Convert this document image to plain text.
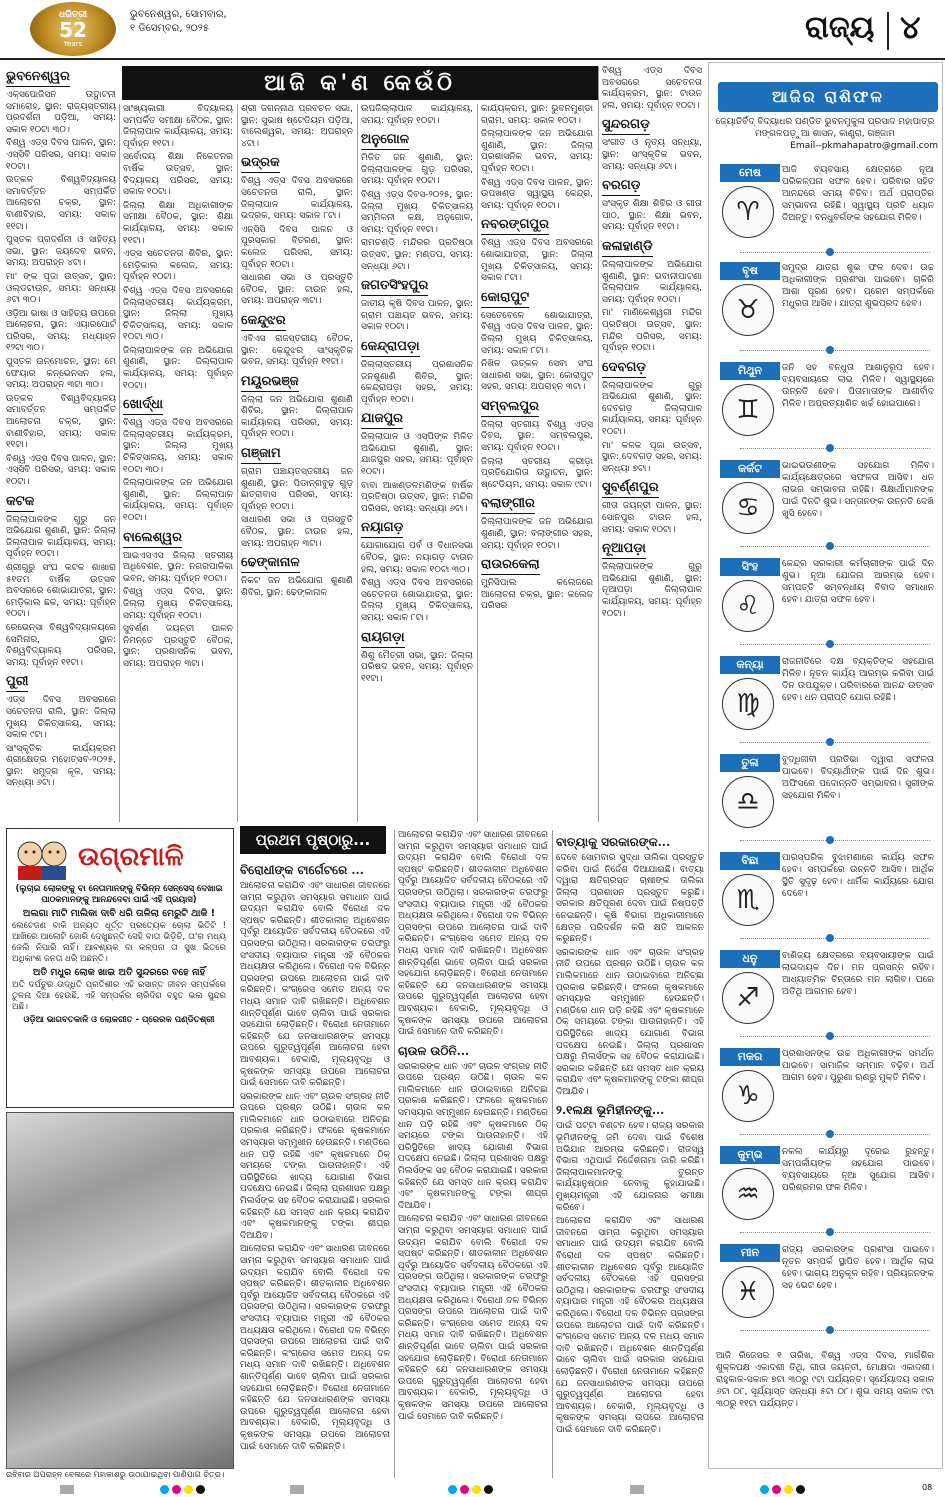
ଧରିତ୍ରୀ
52
Years
ଭୁବନେଶ୍ୱର, ସୋମବାର,
୧ ଡିସେମ୍ବର, ୨୦୨୫	ରାଜ୍ୟ ୪
ଆଜି କ'ଣ କେଉଁଠି
ଭୁବନେଶ୍ୱର

ଏକ୍ସପୋଜିସନ ଉଦ୍ଘାଟନୀ ସମାରୋହ, ସ୍ଥାନ: ରାଜ୍ୟସ୍ତରୀୟ ପ୍ରଦର୍ଶନୀ ପଡ଼ିଆ, ସମୟ: ସକାଳ ୧୦ଟା ୩୦।

ବିଶ୍ୱ ଏଡ୍ସ ଦିବସ ପାଳନ, ସ୍ଥାନ: ଏସ୍‌ସିବି ପରିସର, ସମୟ: ସକାଳ ୧୦ଟା।

ଉତ୍କଳ ବିଶ୍ୱବିଦ୍ୟାଳୟ ସମାବର୍ତ୍ତନ ସମ୍ପର୍କିତ ଆଲୋଚନା ଚକ୍ର, ସ୍ଥାନ: ବାଣୀବିହାର, ସମୟ: ସକାଳ ୧୧ଟା।

ପୁସ୍ତକ ପ୍ରଦର୍ଶନୀ ଓ ସାହିତ୍ୟ ସଭା, ସ୍ଥାନ: ଜୟଦେବ ଭବନ, ସମୟ: ଅପରାହ୍ନ ୪ଟା।

ମା' ଙ୍କ ପୂଜା ଉତ୍ସବ, ସ୍ଥାନ: ଓଲ୍ଡଟାଉନ, ସମୟ: ସନ୍ଧ୍ୟା ୬ଟା ୩୦।

ଓଡ଼ିଆ ଭାଷା ଓ ସାହିତ୍ୟ ଉପରେ ଆଲୋଚନା, ସ୍ଥାନ: ଏୟାରପୋର୍ଟ ପରିସର, ସମୟ: ମଧ୍ୟାହ୍ନ ୧୨ଟା ୩୦।

ପୁସ୍ତକ ଉନ୍ମୋଚନ, ସ୍ଥାନ: ମେ ଫେୟାର କନ୍‌ଭେନସନ ହଲ, ସମୟ: ଅପରାହ୍ନ ୩ଟା ୩୦।

ଉତ୍କଳ ବିଶ୍ୱବିଦ୍ୟାଳୟ ସମାବର୍ତ୍ତନ ସମ୍ପର୍କିତ ଆଲୋଚନା ଚକ୍ର, ସ୍ଥାନ: ବାଣୀବିହାର, ସମୟ: ସକାଳ ୧୧ଟା।

ବିଶ୍ୱ ଏଡ୍ସ ଦିବସ ପାଳନ, ସ୍ଥାନ: ଏସ୍‌ସିବି ପରିସର, ସମୟ: ସକାଳ ୧୦ଟା।

କଟକ

ଜିଲ୍ଲାପାଳଙ୍କ ଗୁରୁ ଜନ ଅଭିଯୋଗ ଶୁଣାଣି, ସ୍ଥାନ: ଜିଲ୍ଲା ଜିଲ୍ଲାପାଳ କାର୍ଯ୍ୟାଳୟ, ସମୟ: ପୂର୍ବାହ୍ନ ୧୦ଟା।

ଶ୍ରୀଗୁରୁ ସଂଘ କଟକ ଶାଖାର ୫୧ତମ ବାର୍ଷିକ ଉତ୍ସବ ଅବସରରେ ଶୋଭାଯାତ୍ରା, ସ୍ଥାନ: ମେଡ଼ିକାଲ ଛକ, ସମୟ: ପୂର୍ବାହ୍ନ ୧୦ଟା।

ରେଭେନ୍ସା ବିଶ୍ୱବିଦ୍ୟାଳୟରେ ସେମିନାର, ସ୍ଥାନ: ବିଶ୍ୱବିଦ୍ୟାଳୟ ପରିସର, ସମୟ: ପୂର୍ବାହ୍ନ ୧୧ଟା।

ପୁରୀ

ଏଡ୍ସ ଦିବସ ଅବସରରେ ସଚେତନତା ରାଲି, ସ୍ଥାନ: ଜିଲ୍ଲା ମୁଖ୍ୟ ଚିକିତ୍ସାଳୟ, ସମୟ: ସକାଳ ୯ଟା।

ସାଂସ୍କୃତିକ କାର୍ଯ୍ୟକ୍ରମ ଶ୍ରୀକ୍ଷେତ୍ର ମହୋତ୍ସବ-୨୦୨୫, ସ୍ଥାନ: ସମୁଦ୍ର କୂଳ, ସମୟ: ସନ୍ଧ୍ୟା ୬ଟା।

ସାଂଖ୍ୟକାରୀ ବିଦ୍ୟାଳୟ ସମ୍ପର୍କିତ ସମୀକ୍ଷା ବୈଠକ, ସ୍ଥାନ: ଜିଲ୍ଲାପାଳ କାର୍ଯ୍ୟାଳୟ, ସମୟ: ପୂର୍ବାହ୍ନ ୧୧ଟା।

ସର୍ବୋଦୟ ଶିକ୍ଷା ନିକେତନର ବାର୍ଷିକ ଉତ୍ସବ, ସ୍ଥାନ: ବିଦ୍ୟାଳୟ ପରିସର, ସମୟ: ସକାଳ ୧୦ଟା।

ଜିଲ୍ଲା ଶିକ୍ଷା ଅଧିକାରୀଙ୍କ ସମୀକ୍ଷା ବୈଠକ, ସ୍ଥାନ: ଶିକ୍ଷା କାର୍ଯ୍ୟାଳୟ, ସମୟ: ସକାଳ ୧୧ଟା।

ଏଡ୍ସ ସଚେତନତା ଶିବିର, ସ୍ଥାନ: ମେଡ଼ିକାଲ କଲେଜ, ସମୟ: ପୂର୍ବାହ୍ନ ୧୦ଟା।

ବିଶ୍ୱ ଏଡ୍ସ ଦିବସ ଅବସରରେ ଜିଲ୍ଲାସ୍ତରୀୟ କାର୍ଯ୍ୟକ୍ରମ, ସ୍ଥାନ: ଜିଲ୍ଲା ମୁଖ୍ୟ ଚିକିତ୍ସାଳୟ, ସମୟ: ସକାଳ ୧୦ଟା ୩୦।

ଜିଲ୍ଲାପାଳଙ୍କ ଜନ ଅଭିଯୋଗ ଶୁଣାଣି, ସ୍ଥାନ: ଜିଲ୍ଲାପାଳ କାର୍ଯ୍ୟାଳୟ, ସମୟ: ପୂର୍ବାହ୍ନ ୧୦ଟା।

ଖୋର୍ଦ୍ଧା

ବିଶ୍ୱ ଏଡ୍ସ ଦିବସ ଅବସରରେ ଜିଲ୍ଲାସ୍ତରୀୟ କାର୍ଯ୍ୟକ୍ରମ, ସ୍ଥାନ: ଜିଲ୍ଲା ମୁଖ୍ୟ ଚିକିତ୍ସାଳୟ, ସମୟ: ସକାଳ ୧୦ଟା ୩୦।

ଜିଲ୍ଲାପାଳଙ୍କ ଜନ ଅଭିଯୋଗ ଶୁଣାଣି, ସ୍ଥାନ: ଜିଲ୍ଲାପାଳ କାର୍ଯ୍ୟାଳୟ, ସମୟ: ପୂର୍ବାହ୍ନ ୧୦ଟା।

ବାଲେଶ୍ୱର

ଆଇଏସଏସ ଜିଲ୍ଲା ସ୍ତରୀୟ ଅଧିବେଶନ, ସ୍ଥାନ: ନଗରପାଳିକା ଭବନ, ସମୟ: ପୂର୍ବାହ୍ନ ୧୦ଟା।

ବିଶ୍ୱ ଏଡ୍ସ ଦିବସ, ସ୍ଥାନ: ଜିଲ୍ଲା ମୁଖ୍ୟ ଚିକିତ୍ସାଳୟ, ସମୟ: ପୂର୍ବାହ୍ନ ୧୦ଟା।

ସୁବର୍ଣ୍ଣ ଜୟନ୍ତୀ ପାଳନ ନିମନ୍ତେ ପ୍ରସ୍ତୁତି ବୈଠକ, ସ୍ଥାନ: ପ୍ରଶାସନିକ ଭବନ, ସମୟ: ଅପରାହ୍ନ ୩ଟା।

ଶ୍ରୀ ଜଗନ୍ନାଥ ପ୍ରବଚନ ସଭା, ସ୍ଥାନ: ସୁଭାଷ ଷ୍ଟେଡିୟମ ପଡ଼ିଆ, ବାଲେଶ୍ୱର, ସମୟ: ଅପରାହ୍ନ ୪ଟା।

ଭଦ୍ରକ

ବିଶ୍ୱ ଏଡ୍ସ ଦିବସ ଅବସରରେ ସଚେତନତା ରାଲି, ସ୍ଥାନ: ଜିଲ୍ଲାପାଳ କାର୍ଯ୍ୟାଳୟ, ଭଦ୍ରକ, ସମୟ: ସକାଳ ୮ଟା।

ଏନ୍‌ସିସି ଦିବସ ପାଳନ ଓ ପୁରସ୍କାର ବିତରଣ, ସ୍ଥାନ: କଲେଜ ପରିସର, ସମୟ: ପୂର୍ବାହ୍ନ ୧୦ଟା।

ସାଧାରଣ ସଭା ଓ ପ୍ରସ୍ତୁତି ବୈଠକ, ସ୍ଥାନ: ଟାଉନ ହଲ, ସମୟ: ଅପରାହ୍ନ ୩ଟା।

କେନ୍ଦୁଝର

ଏବିଏସ ରାଜସ୍ତରୀୟ ବୈଠକ, ସ୍ଥାନ: କେନ୍ଦୁଝର ସାଂସ୍କୃତିକ ଭବନ, ସମୟ: ପୂର୍ବାହ୍ନ ୧୧ଟା।

ମୟୂରଭଞ୍ଜ

ଜିଲ୍ଲା ଜନ ଅଭିଯୋଗ ଶୁଣାଣି ଶିବିର, ସ୍ଥାନ: ଜିଲ୍ଲାପାଳ କାର୍ଯ୍ୟାଳୟ ପରିସର, ସମୟ: ପୂର୍ବାହ୍ନ ୧୦ଟା।

ଗଞ୍ଜାମ

ଗ୍ରାମ ପଞ୍ଚାୟତସ୍ତରୀୟ ଜନ ଶୁଣାଣି, ସ୍ଥାନ: ପିଡାନ୍ଗବୁଢ଼ ଗୁଡ଼ ଛାତ୍ରାବାସ ପରିସର, ସମୟ: ପୂର୍ବାହ୍ନ ୧୦ଟା।

ସାଧାରଣ ସଭା ଓ ପ୍ରସ୍ତୁତି ବୈଠକ, ସ୍ଥାନ: ଟାଉନ ହଲ, ସମୟ: ଅପରାହ୍ନ ୩ଟା।

ଢେଙ୍କାନାଳ

ନିକଟ ଜନ ଅଭିଯୋଗ ଶୁଣାଣି ଶିବିର, ସ୍ଥାନ: ଢେଙ୍କାନାଳ

ଉପଜିଲ୍ଲାପାଳ କାର୍ଯ୍ୟାଳୟ, ସମୟ: ପୂର୍ବାହ୍ନ ୧୦ଟା।

ଅନୁଗୋଳ

ମିଳିତ ଜନ ଶୁଣାଣି, ସ୍ଥାନ: ଜିଲ୍ଲାପାଳଙ୍କ ଗୁଡ଼ ପରିସର, ସମୟ: ପୂର୍ବାହ୍ନ ୧୦ଟା।

ବିଶ୍ୱ ଏଡ୍ସ ଦିବସ-୨୦୨୫, ସ୍ଥାନ: ଜିଲ୍ଲା ମୁଖ୍ୟ ଚିକିତ୍ସାଳୟ ସମ୍ମିଳନୀ କକ୍ଷ, ଅନୁଗୋଳ, ସମୟ: ପୂର୍ବାହ୍ନ ୧୧ଟା।

ରାମଚଣ୍ଡି ମନ୍ଦିରର ପ୍ରତିଷ୍ଠା ଉତ୍ସବ, ସ୍ଥାନ: ମଣ୍ଡପ, ସମୟ: ସନ୍ଧ୍ୟା ୬ଟା।

ଜଗତସିଂହପୁର

ଜାତୀୟ କୃଷି ଦିବସ ପାଳନ, ସ୍ଥାନ: ଗ୍ରାମ ପଞ୍ଚାୟତ ଭବନ, ସମୟ: ସକାଳ ୧୦ଟା।

କେନ୍ଦ୍ରାପଡ଼ା

ଜିଲ୍ଲାସ୍ତରୀୟ ପ୍ରଶାସନିକ ଜନଶୁଣାଣି ଶିବିର, ସ୍ଥାନ: କେନ୍ଦ୍ରାପଡ଼ା ସହର, ସମୟ: ପୂର୍ବାହ୍ନ ୧୦ଟା।

ଯାଜପୁର

ଜିଲ୍ଲାପାଳ ଓ ଏସ୍‌ପିଙ୍କ ମିଳିତ ଅଭିଯୋଗ ଶୁଣାଣି, ସ୍ଥାନ: ଯାଜପୁର ସହର, ସମୟ: ପୂର୍ବାହ୍ନ ୧୦ଟା।

ବାବା ଆଖଣ୍ଡଳମଣିଙ୍କ ବାର୍ଷିକ ପ୍ରତିଷ୍ଠା ଉତ୍ସବ, ସ୍ଥାନ: ମନ୍ଦିର ପରିସର, ସମୟ: ସନ୍ଧ୍ୟା ୬ଟା।

ନୟାଗଡ଼

ଯୋଗାଯୋଗ ପର୍ବ ଓ ବିଧାନସଭା ବୈଠକ, ସ୍ଥାନ: ନୟାଗଡ଼ ଟାଉନ ହଲ, ସମୟ: ସକାଳ ୧୦ଟା ୩୦।

ବିଶ୍ୱ ଏଡ୍ସ ଦିବସ ଅବସରରେ ସଚେତନତା ଶୋଭାଯାତ୍ରା, ସ୍ଥାନ: ଜିଲ୍ଲା ମୁଖ୍ୟ ଚିକିତ୍ସାଳୟ, ସମୟ: ସକାଳ ୮ଟା।

ରାୟଗଡ଼ା

ଶିଶୁ ମୈତ୍ରୀ ସଭା, ସ୍ଥାନ: ଜିଲ୍ଲା ପରିଷଦ ଭବନ, ସମୟ: ପୂର୍ବାହ୍ନ ୧୧ଟା।

କାର୍ଯ୍ୟକ୍ରମ, ସ୍ଥାନ: ଭୁବନମୁଣ୍ଡା ଗ୍ରାମ, ସମୟ: ସକାଳ ୧୦ଟା।

ଜିଲ୍ଲାପାଳଙ୍କ ଜନ ଅଭିଯୋଗ ଶୁଣାଣି, ସ୍ଥାନ: ଜିଲ୍ଲା ପ୍ରଶାସନିକ ଭବନ, ସମୟ: ପୂର୍ବାହ୍ନ ୧୦ଟା।

ବିଶ୍ୱ ଏଡ୍ସ ଦିବସ ପାଳନ, ସ୍ଥାନ: ଉପଖଣ୍ଡ ସ୍ୱାସ୍ଥ୍ୟ କେନ୍ଦ୍ର, ସମୟ: ପୂର୍ବାହ୍ନ ୧୦ଟା।

ନବରଙ୍ଗପୁର

ବିଶ୍ୱ ଏଡ୍ସ ଦିବସ ଅବସରରେ ଶୋଭାଯାତ୍ରା, ସ୍ଥାନ: ଜିଲ୍ଲା ମୁଖ୍ୟ ଚିକିତ୍ସାଳୟ, ସମୟ: ସକାଳ ୮ଟା।

କୋରାପୁଟ

ସେତେବେଳେ ଶୋଭାଯାତ୍ରା, ବିଶ୍ୱ ଏଡ୍ସ ଦିବସ ପାଳନ, ସ୍ଥାନ: ଜିଲ୍ଲା ମୁଖ୍ୟ ଚିକିତ୍ସାଳୟ, ସମୟ: ସକାଳ ୮ଟା।

ନିଖିଳ ଉତ୍କଳ ସେବା ସଂଘ ସାଧାରଣ ସଭା, ସ୍ଥାନ: କୋରାପୁଟ ସହର, ସମୟ: ଅପରାହ୍ନ ୩ଟା।

ସମ୍ବଲପୁର

ଜିଲ୍ଲା ସ୍ତରୀୟ ବିଶ୍ୱ ଏଡ୍ସ ଦିବସ, ସ୍ଥାନ: ସମ୍ବଲପୁର, ସମୟ: ପୂର୍ବାହ୍ନ ୧୦ଟା।

ଜିଲ୍ଲା ସ୍ତରୀୟ କ୍ରୀଡ଼ା ପ୍ରତିଯୋଗିତା ଉଦ୍ଘାଟନ, ସ୍ଥାନ: ଷ୍ଟେଡିୟମ, ସମୟ: ସକାଳ ୯ଟା।

ବଲାଙ୍ଗୀର

ଜିଲ୍ଲାପାଳଙ୍କ ଜନ ଅଭିଯୋଗ ଶୁଣାଣି, ସ୍ଥାନ: ବଲାଙ୍ଗୀର ସହର, ସମୟ: ପୂର୍ବାହ୍ନ ୧୦ଟା।

ରାଉରକେଲା

ମୁନିସିପାଲ କଲେଜରେ ଆଲୋଚନା ଚକ୍ର, ସ୍ଥାନ: କଲେଜ ପରିସର

ବିଶ୍ୱ ଏଡ୍ସ ଦିବସ ଅବସରରେ ସଚେତନତା କାର୍ଯ୍ୟକ୍ରମ, ସ୍ଥାନ: ଟାଉନ ହଲ, ସମୟ: ପୂର୍ବାହ୍ନ ୧୦ଟା।

ସୁନ୍ଦରଗଡ଼

ସଂଗୀତ ଓ ନୃତ୍ୟ ସନ୍ଧ୍ୟା, ସ୍ଥାନ: ସାଂସ୍କୃତିକ ଭବନ, ସମୟ: ସନ୍ଧ୍ୟା ୬ଟା।

ବରଗଡ଼

ସଂସ୍କୃତ ଶିକ୍ଷା ଶିବିର ଓ ଗୀତା ପାଠ, ସ୍ଥାନ: ଶିକ୍ଷା ଭବନ, ସମୟ: ପୂର୍ବାହ୍ନ ୧୧ଟା।

କଳାହାଣ୍ଡି

ଜିଲ୍ଲାପାଳଙ୍କ ଅଭିଯୋଗ ଶୁଣାଣି, ସ୍ଥାନ: ଭବାନୀପାଟଣା ଜିଲ୍ଲାପାଳ କାର୍ଯ୍ୟାଳୟ, ସମୟ: ପୂର୍ବାହ୍ନ ୧୦ଟା।

ମା' ମାଣିକେଶ୍ୱରୀ ମନ୍ଦିର ପ୍ରତିଷ୍ଠା ଉତ୍ସବ, ସ୍ଥାନ: ମନ୍ଦିର ପରିସର, ସମୟ: ପୂର୍ବାହ୍ନ ୧୦ଟା।

ଦେବଗଡ଼

ଜିଲ୍ଲାପାଳଙ୍କ ଗୁରୁ ଅଭିଯୋଗ ଶୁଣାଣି, ସ୍ଥାନ: ଦେବଗଡ଼ ଜିଲ୍ଲାପାଳ କାର୍ଯ୍ୟାଳୟ, ସମୟ: ପୂର୍ବାହ୍ନ ୧୦ଟା।

ମା' କଳକ ପୂଜା ଉତ୍ସବ, ସ୍ଥାନ: ଦେବଗଡ଼ ସହର, ସମୟ: ସନ୍ଧ୍ୟା ୭ଟା।

ସୁବର୍ଣ୍ଣପୁର

ଗୀତା ଜୟନ୍ତୀ ପାଳନ, ସ୍ଥାନ: ସୋନପୁର ଟାଉନ ହଲ, ସମୟ: ସକାଳ ୧୦ଟା।

ନୂଆପଡ଼ା

ଜିଲ୍ଲାପାଳଙ୍କ ଗୁରୁ ଅଭିଯୋଗ ଶୁଣାଣି, ସ୍ଥାନ: ନୂଆପଡ଼ା ଜିଲ୍ଲାପାଳ କାର୍ଯ୍ୟାଳୟ, ସମୟ: ପୂର୍ବାହ୍ନ ୧୦ଟା।

ଉଗ୍ରମାଳି

(ଲୁଚାଇ ଲୋକଙ୍କୁ ବା ନେତାମାନଙ୍କୁ ବିଭିନ୍ନ ସେନ୍ସେସ୍ ଦେଖାଇ ପାଠକମାନଙ୍କୁ ଆନନ୍ଦଦେବା ପାଇଁ ଏହି ପ୍ରୟାସ)

ଅଲଗା ମାଟି ମାଲିକା ଦାବି ଧରି ତାଳିଲା ମେରୁଟି ଥାକି !

ଲେଟେଜଣ ବାକି ଅନ୍ୟତ ଧୂର୍ତ୍ତ ପ୍ରତ୍ୟେକ ଚୋଲା ଭିତିଟି ! ଆଖିରେ ଆଲୋଟି ଜୋରି ଦେଖୁଛନ୍ତି ସେହି ବାତା ଭିଡ଼ିଚି, ତା'ର ମଧ୍ୟ ଜେଲି ନିପାରି ନାହିଁ। ଆବଶ୍ୟକ ଦା କଳ୍ପନା ତା ସୁଖ ଭିତରେ ଅଧିକାଂଶ ଜନତା ଧରି ଅଛନ୍ତି।

ଅତି ମଧୁର ଲୋକ ଖାଇ ଅତି ସୁନ୍ଦରରେ ବହେ ନାହିଁ

ଅତି ଦର୍ପଚୁର ଉଦ୍ଧିତି ପ୍ରତିଶୀର ଏହି ରସାନ୍ତ ଜୀବନ ସମ୍ପର୍କରେ ତୁଳନା ଦିଆ ହେଉଛି, ଏହି ସମ୍ପର୍କର ଚାରିଦିଗ ବହୁତ ଭଲ ସୁନ୍ଦର ଅଛି।

ଓଡ଼ିଆ ଭାଗବତକାଳି ଓ ଲୋକଗୀତ - ପ୍ରେରକ ପଣ୍ଡିତଶ୍ରୀ

ରବିବାର ଅପରାହ୍ନ ବେଳାରେ ମହାକାଶରୁ ଉଠାଯାଇଥିବା ପାଣିପାଗ ଚିତ୍ର।
ପ୍ରଥମ ପୃଷ୍ଠାରୁ...
ବିରୋଧୀଙ୍କ ଟାର୍ଗେଟରେ ...

ଆଲୋଚନା କରାଯିବ ଏବଂ ସାଧାରଣ ଜୀବନରେ ସାମ୍ନା କରୁଥିବା ସମସ୍ୟାର ସମାଧାନ ପାଇଁ ଉଦ୍ୟମ କରାଯିବ ବୋଲି ବିରୋଧୀ ଦଳ ସ୍ପଷ୍ଟ କରିଛନ୍ତି। ଶୀତକାଳୀନ ଅଧିବେଶନ ପୂର୍ବରୁ ଆୟୋଜିତ ସର୍ବଦଳୀୟ ବୈଠକରେ ଏହି ପ୍ରସଙ୍ଗ ଉଠିଥିଲା। ସରକାରଙ୍କ ତରଫରୁ ସଂସଦୀୟ ବ୍ୟାପାର ମନ୍ତ୍ରୀ ଏହି ବୈଠକର ଅଧ୍ୟକ୍ଷତା କରିଥିଲେ। ବିରୋଧୀ ଦଳ ବିଭିନ୍ନ ପ୍ରସଙ୍ଗ ଉପରେ ଆଲୋଚନା ପାଇଁ ଦାବି କରିଛନ୍ତି। କଂଗ୍ରେସ ସମେତ ଅନ୍ୟ ଦଳ ମଧ୍ୟ ସମାନ ଦାବି ରଖିଛନ୍ତି। ଅଧିବେଶନ ଶାନ୍ତିପୂର୍ଣ୍ଣ ଭାବେ ଚାଲିବା ପାଇଁ ସରକାର ସହଯୋଗ ଲୋଡ଼ିଛନ୍ତି। ବିରୋଧୀ ନେତାମାନେ କହିଛନ୍ତି ଯେ ଜନସାଧାରଣଙ୍କ ସମସ୍ୟା ଉପରେ ଗୁରୁତ୍ୱପୂର୍ଣ୍ଣ ଆଲୋଚନା ହେବା ଆବଶ୍ୟକ। ବେକାରି, ମୂଲ୍ୟବୃଦ୍ଧି ଓ କୃଷକଙ୍କ ସମସ୍ୟା ଉପରେ ଆଲୋଚନା ପାଇଁ ସେମାନେ ଦାବି କରିଛନ୍ତି।

ସରକାରଙ୍କ ଧାନ ଏବଂ ଚାଉଳ ସଂଗ୍ରହ ନୀତି ଉପରେ ପ୍ରଶ୍ନ ଉଠିଛି। ଚାଉଳ କଳ ମାଲିକମାନେ ଧାନ ଉଠାଇବାରେ ଅନିଚ୍ଛା ପ୍ରକାଶ କରିଛନ୍ତି। ଫଳରେ କୃଷକମାନେ ସମସ୍ୟାର ସମ୍ମୁଖୀନ ହେଉଛନ୍ତି। ମଣ୍ଡିରେ ଧାନ ପଡ଼ି ରହିଛି ଏବଂ କୃଷକମାନେ ଠିକ୍ ସମୟରେ ଟଙ୍କା ପାଉନାହାନ୍ତି। ଏହି ପରିସ୍ଥିତିରେ ଖାଦ୍ୟ ଯୋଗାଣ ବିଭାଗ ପଦକ୍ଷେପ ନେଇଛି। ଜିଲ୍ଲା ପ୍ରଶାସନ ପକ୍ଷରୁ ମିଲର୍ସଙ୍କ ସହ ବୈଠକ କରାଯାଇଛି। ସରକାର କହିଛନ୍ତି ଯେ ସମସ୍ତ ଧାନ କ୍ରୟ କରାଯିବ ଏବଂ କୃଷକମାନଙ୍କୁ ଟଙ୍କା ଶୀଘ୍ର ଦିଆଯିବ।

ଆଲୋଚନା କରାଯିବ ଏବଂ ସାଧାରଣ ଜୀବନରେ ସାମ୍ନା କରୁଥିବା ସମସ୍ୟାର ସମାଧାନ ପାଇଁ ଉଦ୍ୟମ କରାଯିବ ବୋଲି ବିରୋଧୀ ଦଳ ସ୍ପଷ୍ଟ କରିଛନ୍ତି। ଶୀତକାଳୀନ ଅଧିବେଶନ ପୂର୍ବରୁ ଆୟୋଜିତ ସର୍ବଦଳୀୟ ବୈଠକରେ ଏହି ପ୍ରସଙ୍ଗ ଉଠିଥିଲା। ସରକାରଙ୍କ ତରଫରୁ ସଂସଦୀୟ ବ୍ୟାପାର ମନ୍ତ୍ରୀ ଏହି ବୈଠକର ଅଧ୍ୟକ୍ଷତା କରିଥିଲେ। ବିରୋଧୀ ଦଳ ବିଭିନ୍ନ ପ୍ରସଙ୍ଗ ଉପରେ ଆଲୋଚନା ପାଇଁ ଦାବି କରିଛନ୍ତି। କଂଗ୍ରେସ ସମେତ ଅନ୍ୟ ଦଳ ମଧ୍ୟ ସମାନ ଦାବି ରଖିଛନ୍ତି। ଅଧିବେଶନ ଶାନ୍ତିପୂର୍ଣ୍ଣ ଭାବେ ଚାଲିବା ପାଇଁ ସରକାର ସହଯୋଗ ଲୋଡ଼ିଛନ୍ତି। ବିରୋଧୀ ନେତାମାନେ କହିଛନ୍ତି ଯେ ଜନସାଧାରଣଙ୍କ ସମସ୍ୟା ଉପରେ ଗୁରୁତ୍ୱପୂର୍ଣ୍ଣ ଆଲୋଚନା ହେବା ଆବଶ୍ୟକ। ବେକାରି, ମୂଲ୍ୟବୃଦ୍ଧି ଓ କୃଷକଙ୍କ ସମସ୍ୟା ଉପରେ ଆଲୋଚନା ପାଇଁ ସେମାନେ ଦାବି କରିଛନ୍ତି।

ଆଲୋଚନା କରାଯିବ ଏବଂ ସାଧାରଣ ଜୀବନରେ ସାମ୍ନା କରୁଥିବା ସମସ୍ୟାର ସମାଧାନ ପାଇଁ ଉଦ୍ୟମ କରାଯିବ ବୋଲି ବିରୋଧୀ ଦଳ ସ୍ପଷ୍ଟ କରିଛନ୍ତି। ଶୀତକାଳୀନ ଅଧିବେଶନ ପୂର୍ବରୁ ଆୟୋଜିତ ସର୍ବଦଳୀୟ ବୈଠକରେ ଏହି ପ୍ରସଙ୍ଗ ଉଠିଥିଲା। ସରକାରଙ୍କ ତରଫରୁ ସଂସଦୀୟ ବ୍ୟାପାର ମନ୍ତ୍ରୀ ଏହି ବୈଠକର ଅଧ୍ୟକ୍ଷତା କରିଥିଲେ। ବିରୋଧୀ ଦଳ ବିଭିନ୍ନ ପ୍ରସଙ୍ଗ ଉପରେ ଆଲୋଚନା ପାଇଁ ଦାବି କରିଛନ୍ତି। କଂଗ୍ରେସ ସମେତ ଅନ୍ୟ ଦଳ ମଧ୍ୟ ସମାନ ଦାବି ରଖିଛନ୍ତି। ଅଧିବେଶନ ଶାନ୍ତିପୂର୍ଣ୍ଣ ଭାବେ ଚାଲିବା ପାଇଁ ସରକାର ସହଯୋଗ ଲୋଡ଼ିଛନ୍ତି। ବିରୋଧୀ ନେତାମାନେ କହିଛନ୍ତି ଯେ ଜନସାଧାରଣଙ୍କ ସମସ୍ୟା ଉପରେ ଗୁରୁତ୍ୱପୂର୍ଣ୍ଣ ଆଲୋଚନା ହେବା ଆବଶ୍ୟକ। ବେକାରି, ମୂଲ୍ୟବୃଦ୍ଧି ଓ କୃଷକଙ୍କ ସମସ୍ୟା ଉପରେ ଆଲୋଚନା ପାଇଁ ସେମାନେ ଦାବି କରିଛନ୍ତି।

ଚାଉଳ ଉଠିନି...

ସରକାରଙ୍କ ଧାନ ଏବଂ ଚାଉଳ ସଂଗ୍ରହ ନୀତି ଉପରେ ପ୍ରଶ୍ନ ଉଠିଛି। ଚାଉଳ କଳ ମାଲିକମାନେ ଧାନ ଉଠାଇବାରେ ଅନିଚ୍ଛା ପ୍ରକାଶ କରିଛନ୍ତି। ଫଳରେ କୃଷକମାନେ ସମସ୍ୟାର ସମ୍ମୁଖୀନ ହେଉଛନ୍ତି। ମଣ୍ଡିରେ ଧାନ ପଡ଼ି ରହିଛି ଏବଂ କୃଷକମାନେ ଠିକ୍ ସମୟରେ ଟଙ୍କା ପାଉନାହାନ୍ତି। ଏହି ପରିସ୍ଥିତିରେ ଖାଦ୍ୟ ଯୋଗାଣ ବିଭାଗ ପଦକ୍ଷେପ ନେଇଛି। ଜିଲ୍ଲା ପ୍ରଶାସନ ପକ୍ଷରୁ ମିଲର୍ସଙ୍କ ସହ ବୈଠକ କରାଯାଇଛି। ସରକାର କହିଛନ୍ତି ଯେ ସମସ୍ତ ଧାନ କ୍ରୟ କରାଯିବ ଏବଂ କୃଷକମାନଙ୍କୁ ଟଙ୍କା ଶୀଘ୍ର ଦିଆଯିବ।

ଆଲୋଚନା କରାଯିବ ଏବଂ ସାଧାରଣ ଜୀବନରେ ସାମ୍ନା କରୁଥିବା ସମସ୍ୟାର ସମାଧାନ ପାଇଁ ଉଦ୍ୟମ କରାଯିବ ବୋଲି ବିରୋଧୀ ଦଳ ସ୍ପଷ୍ଟ କରିଛନ୍ତି। ଶୀତକାଳୀନ ଅଧିବେଶନ ପୂର୍ବରୁ ଆୟୋଜିତ ସର୍ବଦଳୀୟ ବୈଠକରେ ଏହି ପ୍ରସଙ୍ଗ ଉଠିଥିଲା। ସରକାରଙ୍କ ତରଫରୁ ସଂସଦୀୟ ବ୍ୟାପାର ମନ୍ତ୍ରୀ ଏହି ବୈଠକର ଅଧ୍ୟକ୍ଷତା କରିଥିଲେ। ବିରୋଧୀ ଦଳ ବିଭିନ୍ନ ପ୍ରସଙ୍ଗ ଉପରେ ଆଲୋଚନା ପାଇଁ ଦାବି କରିଛନ୍ତି। କଂଗ୍ରେସ ସମେତ ଅନ୍ୟ ଦଳ ମଧ୍ୟ ସମାନ ଦାବି ରଖିଛନ୍ତି। ଅଧିବେଶନ ଶାନ୍ତିପୂର୍ଣ୍ଣ ଭାବେ ଚାଲିବା ପାଇଁ ସରକାର ସହଯୋଗ ଲୋଡ଼ିଛନ୍ତି। ବିରୋଧୀ ନେତାମାନେ କହିଛନ୍ତି ଯେ ଜନସାଧାରଣଙ୍କ ସମସ୍ୟା ଉପରେ ଗୁରୁତ୍ୱପୂର୍ଣ୍ଣ ଆଲୋଚନା ହେବା ଆବଶ୍ୟକ। ବେକାରି, ମୂଲ୍ୟବୃଦ୍ଧି ଓ କୃଷକଙ୍କ ସମସ୍ୟା ଉପରେ ଆଲୋଚନା ପାଇଁ ସେମାନେ ଦାବି କରିଛନ୍ତି।

ବାତ୍ୟାକୁ ସରକାରଙ୍କ...

ଦେବେ ସୋମବାର ସୁଦ୍ଧା ତାଲିକା ପ୍ରସ୍ତୁତ କରିବା ପାଇଁ ନିର୍ଦ୍ଦେଶ ଦିଆଯାଇଛି। ବାତ୍ୟା ଦ୍ୱାରା କ୍ଷତିଗ୍ରସ୍ତ ଚାଷୀଙ୍କ ତାଲିକା ଜିଲ୍ଲା ପ୍ରଶାସନ ପ୍ରସ୍ତୁତ କରୁଛି। ସରକାର କ୍ଷତିପୂରଣ ଦେବା ପାଇଁ ନିଷ୍ପତ୍ତି ନେଇଛନ୍ତି। କୃଷି ବିଭାଗ ଅଧିକାରୀମାନେ କ୍ଷେତ୍ର ପରିଦର୍ଶନ କରି କ୍ଷତି ଆକଳନ କରୁଛନ୍ତି।

ସରକାରଙ୍କ ଧାନ ଏବଂ ଚାଉଳ ସଂଗ୍ରହ ନୀତି ଉପରେ ପ୍ରଶ୍ନ ଉଠିଛି। ଚାଉଳ କଳ ମାଲିକମାନେ ଧାନ ଉଠାଇବାରେ ଅନିଚ୍ଛା ପ୍ରକାଶ କରିଛନ୍ତି। ଫଳରେ କୃଷକମାନେ ସମସ୍ୟାର ସମ୍ମୁଖୀନ ହେଉଛନ୍ତି। ମଣ୍ଡିରେ ଧାନ ପଡ଼ି ରହିଛି ଏବଂ କୃଷକମାନେ ଠିକ୍ ସମୟରେ ଟଙ୍କା ପାଉନାହାନ୍ତି। ଏହି ପରିସ୍ଥିତିରେ ଖାଦ୍ୟ ଯୋଗାଣ ବିଭାଗ ପଦକ୍ଷେପ ନେଇଛି। ଜିଲ୍ଲା ପ୍ରଶାସନ ପକ୍ଷରୁ ମିଲର୍ସଙ୍କ ସହ ବୈଠକ କରାଯାଇଛି। ସରକାର କହିଛନ୍ତି ଯେ ସମସ୍ତ ଧାନ କ୍ରୟ କରାଯିବ ଏବଂ କୃଷକମାନଙ୍କୁ ଟଙ୍କା ଶୀଘ୍ର ଦିଆଯିବ।

୨.୧ଲକ୍ଷ ଭୂମିହୀନଙ୍କୁ...

ପାଇଁ ପଟ୍ଟା ବଣ୍ଟନ ହେବ। ରାଜ୍ୟ ସରକାର ଭୂମିହୀନଙ୍କୁ ଜମି ଦେବା ପାଇଁ ବିଶେଷ ଅଭିଯାନ ଆରମ୍ଭ କରିଛନ୍ତି। ରାଜସ୍ୱ ବିଭାଗ ଏଥିପାଇଁ ନିର୍ଦ୍ଦେଶନାମା ଜାରି କରିଛି। ଜିଲ୍ଲାପାଳମାନଙ୍କୁ ତୁରନ୍ତ କାର୍ଯ୍ୟାନୁଷ୍ଠାନ ନେବାକୁ କୁହାଯାଇଛି। ମୁଖ୍ୟମନ୍ତ୍ରୀ ଏହି ଯୋଜନାର ସମୀକ୍ଷା କରିବେ।

ଆଲୋଚନା କରାଯିବ ଏବଂ ସାଧାରଣ ଜୀବନରେ ସାମ୍ନା କରୁଥିବା ସମସ୍ୟାର ସମାଧାନ ପାଇଁ ଉଦ୍ୟମ କରାଯିବ ବୋଲି ବିରୋଧୀ ଦଳ ସ୍ପଷ୍ଟ କରିଛନ୍ତି। ଶୀତକାଳୀନ ଅଧିବେଶନ ପୂର୍ବରୁ ଆୟୋଜିତ ସର୍ବଦଳୀୟ ବୈଠକରେ ଏହି ପ୍ରସଙ୍ଗ ଉଠିଥିଲା। ସରକାରଙ୍କ ତରଫରୁ ସଂସଦୀୟ ବ୍ୟାପାର ମନ୍ତ୍ରୀ ଏହି ବୈଠକର ଅଧ୍ୟକ୍ଷତା କରିଥିଲେ। ବିରୋଧୀ ଦଳ ବିଭିନ୍ନ ପ୍ରସଙ୍ଗ ଉପରେ ଆଲୋଚନା ପାଇଁ ଦାବି କରିଛନ୍ତି। କଂଗ୍ରେସ ସମେତ ଅନ୍ୟ ଦଳ ମଧ୍ୟ ସମାନ ଦାବି ରଖିଛନ୍ତି। ଅଧିବେଶନ ଶାନ୍ତିପୂର୍ଣ୍ଣ ଭାବେ ଚାଲିବା ପାଇଁ ସରକାର ସହଯୋଗ ଲୋଡ଼ିଛନ୍ତି। ବିରୋଧୀ ନେତାମାନେ କହିଛନ୍ତି ଯେ ଜନସାଧାରଣଙ୍କ ସମସ୍ୟା ଉପରେ ଗୁରୁତ୍ୱପୂର୍ଣ୍ଣ ଆଲୋଚନା ହେବା ଆବଶ୍ୟକ। ବେକାରି, ମୂଲ୍ୟବୃଦ୍ଧି ଓ କୃଷକଙ୍କ ସମସ୍ୟା ଉପରେ ଆଲୋଚନା ପାଇଁ ସେମାନେ ଦାବି କରିଛନ୍ତି।

ଆଜିର ରାଶିଫଳ
ଜ୍ୟୋତିର୍ବିଦ୍ ବିଦ୍ୟାଧର ପଣ୍ଡିତ ଭୁବନମୁକୁଳା ପ୍ରସାଦ ମହାପାତ୍ର
ମଙ୍ଗଳପଡ଼ୁଆ ଶାସନ, କାଣ୍ଡ୍ରା, ଗଞ୍ଜାମ
Email--pkmahapatro@gmail.com
ମେଷ
♈
ଆଜି ବ୍ୟବସାୟ କ୍ଷେତ୍ରରେ ନୂଆ ପରିକଳ୍ପନା ସଫଳ ହେବ। ପରିବାର ସହିତ ଆନନ୍ଦରେ ସମୟ ବିତିବ। ଅର୍ଥ ପ୍ରାପ୍ତିର ସମ୍ଭାବନା ରହିଛି। ସ୍ୱାସ୍ଥ୍ୟ ପ୍ରତି ଧ୍ୟାନ ଦିଅନ୍ତୁ। ବନ୍ଧୁବର୍ଗଙ୍କ ସହଯୋଗ ମିଳିବ।
ବୃଷ
♉
ସମୁଦ୍ର ଯାତ୍ରା ଶୁଭ ଫଳ ଦେବ। ଉଚ୍ଚ ଅଧିକାରୀଙ୍କ ପ୍ରଶଂସା ପାଇବେ। ଚାକିରି ଆଶା ପୂରଣ ହେବ। ପ୍ରେମ ସମ୍ପର୍କରେ ମଧୁରତା ଆସିବ। ଯାତ୍ରା ଶୁଭପ୍ରଦ ହେବ।
ମିଥୁନ
♊
ଜନି ସହ ବନ୍ଧୁତା ଆଶାନୁରୂପ ହେବ। ବ୍ୟବସାୟରେ ଲାଭ ମିଳିବ। ସ୍ୱାସ୍ଥ୍ୟରେ ଉନ୍ନତି ହେବ। ପିତାମାତାଙ୍କ ଆଶୀର୍ବାଦ ମିଳିବ। ଅପ୍ରତ୍ୟାଶିତ ଖର୍ଚ୍ଚ ହୋଇପାରେ।
କର୍କଟ
♋
ଭାଇଭଉଣୀଙ୍କ ସହଯୋଗ ମିଳିବ। କାର୍ଯ୍ୟକ୍ଷେତ୍ରରେ ସଫଳତା ଆସିବ। ଧନ ଲାଭର ସମ୍ଭାବନା ରହିଛି। ଶିକ୍ଷାର୍ଥୀମାନଙ୍କ ପାଇଁ ଦିନଟି ଶୁଭ। ସନ୍ତାନଙ୍କ ଉନ୍ନତି ଦେଖି ଖୁସି ହେବେ।
ସିଂହ
♌
କେନ୍ଦ୍ର ସରକାରୀ କର୍ମଚାରୀଙ୍କ ପାଇଁ ଦିନ ଶୁଭ। ନୂଆ ଯୋଜନା ଆରମ୍ଭ ହେବ। ସମ୍ପତ୍ତି ସମ୍ବନ୍ଧୀୟ ବିବାଦ ସମାଧାନ ହେବ। ଯାତ୍ରା ସଫଳ ହେବ।
କନ୍ୟା
♍
ରାଜନୀତିରେ ଦକ୍ଷ ବ୍ୟକ୍ତିଙ୍କ ସହଯୋଗ ମିଳିବ। ନୂତନ କାର୍ଯ୍ୟ ଆରମ୍ଭ କରିବା ପାଇଁ ଦିନ ଉପଯୁକ୍ତ। ପରିବାରରେ ଆନନ୍ଦ ଉତ୍ସବ ହେବ। ଧନ ପ୍ରାପ୍ତି ଯୋଗ ରହିଛି।
ତୁଳା
♎
ବୁଦ୍ଧିଜୀବୀ ପ୍ରତିଭା ଦ୍ୱାରା ସଫଳତା ପାଇବେ। ବିଦ୍ୟାର୍ଥୀଙ୍କ ପାଇଁ ଦିନ ଶୁଭ। ଅଫିସରେ ପଦୋନ୍ନତି ସମ୍ଭାବନା। ସ୍ତ୍ରୀଙ୍କ ସହଯୋଗ ମିଳିବ।
ବିଛା
♏
ପାରସ୍ପରିକ ବୁଝାମଣାରେ କାର୍ଯ୍ୟ ସଫଳ ହେବ। ସମ୍ପର୍କରେ ଉନ୍ନତି ଆସିବ। ଆର୍ଥିକ ସ୍ଥିତି ସୁଦୃଢ଼ ହେବ। ଧାର୍ମିକ କାର୍ଯ୍ୟରେ ଯୋଗ ଦେବେ।
ଧନୁ
♐
ବାଣିଜ୍ୟ କ୍ଷେତ୍ରରେ ବ୍ୟବସାୟୀଙ୍କ ପାଇଁ ଲାଭଦାୟକ ଦିନ। ମନ ପ୍ରସନ୍ନ ରହିବ। ଆଧ୍ୟାତ୍ମିକ ଚିନ୍ତାରେ ମନ ଲାଗିବ। ଘରେ ଅତିଥି ଆଗମନ ହେବ।
ମକର
♑
ପ୍ରଶାସନଙ୍କ ଉଚ୍ଚ ଅଧିକାରୀଙ୍କ ସମର୍ଥନ ପାଇବେ। ସାମାଜିକ ସମ୍ମାନ ବଢ଼ିବ। ଅର୍ଥ ଆଗମ ହେବ। ପୁରୁଣା ଋଣରୁ ମୁକ୍ତି ମିଳିବ।
କୁମ୍ଭ
♒
ନକଲ କାର୍ଯ୍ୟରୁ ଦୂରେଇ ରୁହନ୍ତୁ। ସମ୍ପର୍କୀୟଙ୍କ ସହଯୋଗ ପାଇବେ। ବ୍ୟବସାୟରେ ନୂଆ ସୁଯୋଗ ଆସିବ। ପରିଶ୍ରମର ଫଳ ମିଳିବ।
ମୀନ
♓
ରାଜ୍ୟ ସରକାରଙ୍କ ପ୍ରଶଂସା ପାଇବେ। ନୂତନ ସମ୍ପର୍କ ସ୍ଥାପିତ ହେବ। ଆର୍ଥିକ ଲାଭ ହେବ। ଭାଗ୍ୟ ଅନୁକୂଳ ରହିବ। ପ୍ରିୟଜନଙ୍କ ସହ ଭେଟ ହେବ।
ଆଜି ରିଜେସର ୧ ତାରିଖ, ବିଶ୍ୱ ଏଡ୍ସ ଦିବସ, ମାର୍ଗଶିର ଶୁକ୍ଳପକ୍ଷ ଏକାଦଶୀ ତିଥି, ଗୀତା ଜୟନ୍ତୀ, ମୋକ୍ଷଦା ଏକାଦଶୀ। ରାହୁକାଳ-ସକାଳ ୭ଟା ୩୦ରୁ ୯ଟା ପର୍ଯ୍ୟନ୍ତ। ସୂର୍ଯ୍ୟୋଦୟ ସକାଳ ୬ଟା ୦୮, ସୂର୍ଯ୍ୟାସ୍ତ ସନ୍ଧ୍ୟା ୫ଟା ୦୮। ଶୁଭ ସମୟ ସକାଳ ୯ଟା ୩୦ରୁ ୧୧ଟା ପର୍ଯ୍ୟନ୍ତ।
08
